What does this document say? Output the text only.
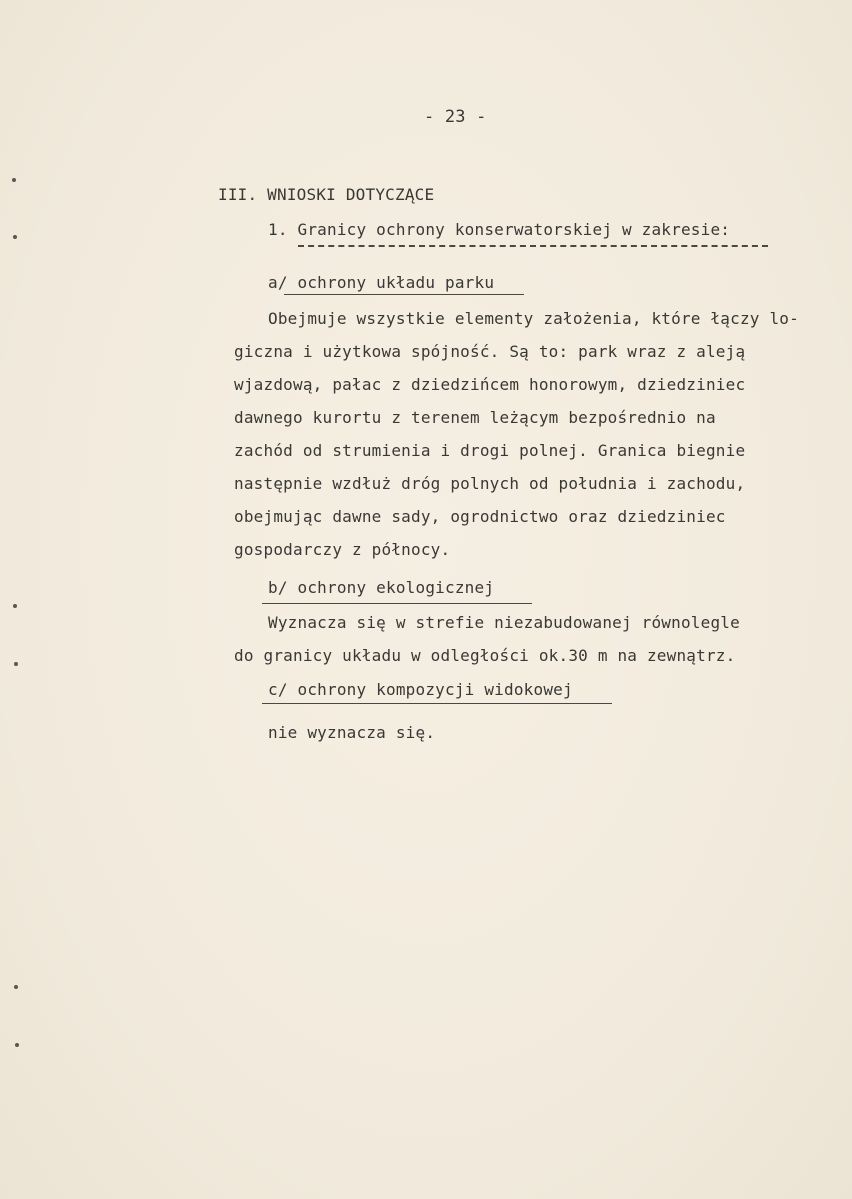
- 23 -
III. WNIOSKI DOTYCZĄCE
1. Granicy ochrony konserwatorskiej w zakresie:
a/ ochrony układu parku
Obejmuje wszystkie elementy założenia, które łączy lo-
giczna i użytkowa spójność. Są to: park wraz z aleją
wjazdową, pałac z dziedzińcem honorowym, dziedziniec
dawnego kurortu z terenem leżącym bezpośrednio na
zachód od strumienia i drogi polnej. Granica biegnie
następnie wzdłuż dróg polnych od południa i zachodu,
obejmując dawne sady, ogrodnictwo oraz dziedziniec
gospodarczy z północy.
b/ ochrony ekologicznej
Wyznacza się w strefie niezabudowanej równolegle
do granicy układu w odległości ok.30 m na zewnątrz.
c/ ochrony kompozycji widokowej
nie wyznacza się.
